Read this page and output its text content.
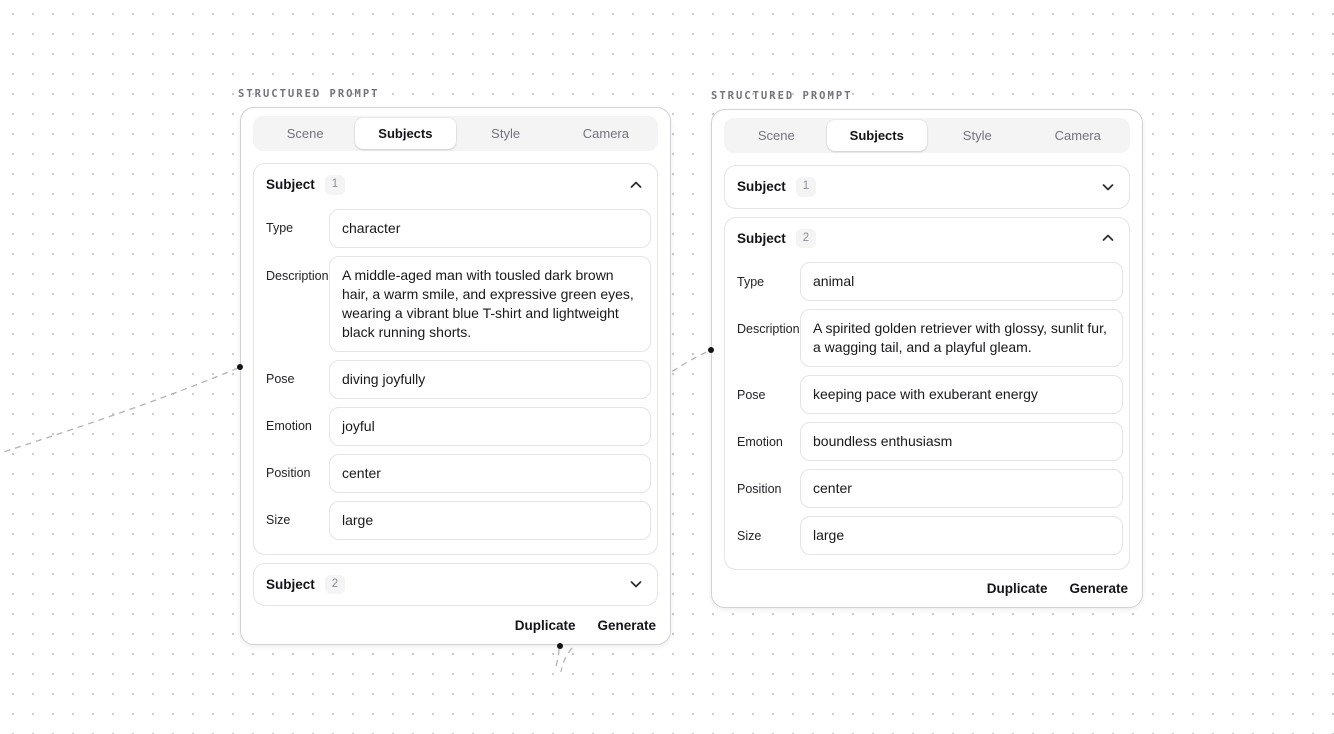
STRUCTURED PROMPT
Scene	Subjects	Style	Camera
Subject	1
Type	character
Description A middle-aged man with tousled dark brown hair, a warm smile, and expressive green eyes, wearing a vibrant blue T-shirt and lightweight black running shorts.
Pose	diving joyfully
Emotion	joyful
Position	center
Size	large
Subject	2
Duplicate Generate
STRUCTURED PROMPT
Scene	Subjects	Style	Camera
Subject	1
Subject	2
Type	animal
Description A spirited golden retriever with glossy, sunlit fur, a wagging tail, and a playful gleam.
Pose	keeping pace with exuberant energy
Emotion	boundless enthusiasm
Position	center
Size	large
Duplicate Generate
